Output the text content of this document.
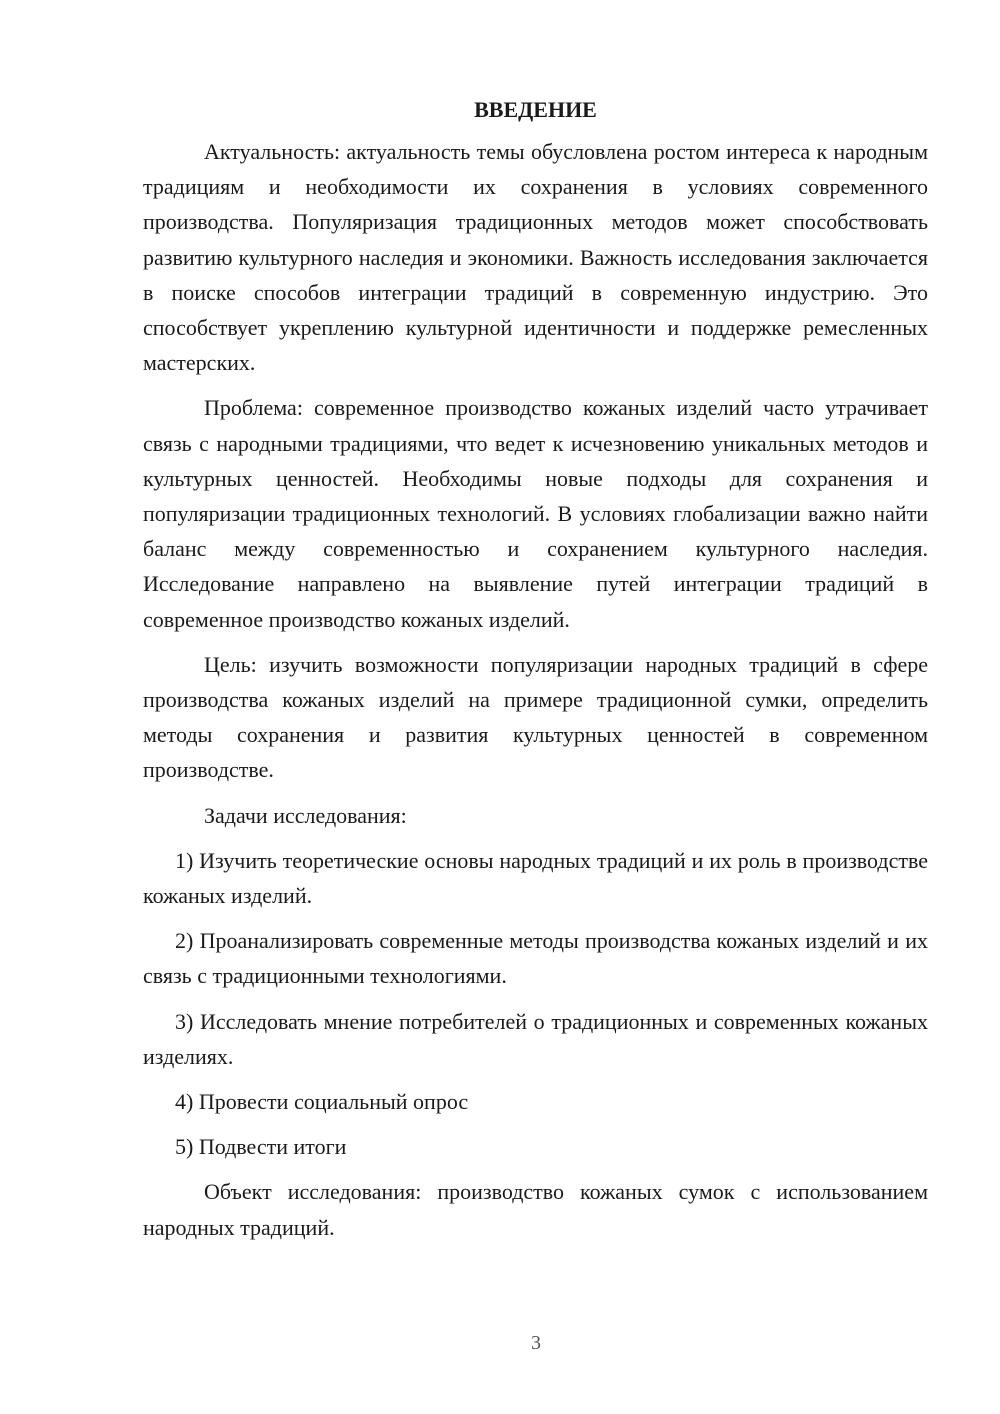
ВВЕДЕНИЕ

Актуальность: актуальность темы обусловлена ростом интереса к народным традициям и необходимости их сохранения в условиях современного производства. Популяризация традиционных методов может способствовать развитию культурного наследия и экономики. Важность исследования заключается в поиске способов интеграции традиций в современную индустрию. Это способствует укреплению культурной идентичности и поддержке ремесленных мастерских.

Проблема: современное производство кожаных изделий часто утрачивает связь с народными традициями, что ведет к исчезновению уникальных методов и культурных ценностей. Необходимы новые подходы для сохранения и популяризации традиционных технологий. В условиях глобализации важно найти баланс между современностью и сохранением культурного наследия. Исследование направлено на выявление путей интеграции традиций в современное производство кожаных изделий.

Цель: изучить возможности популяризации народных традиций в сфере производства кожаных изделий на примере традиционной сумки, определить методы сохранения и развития культурных ценностей в современном производстве.

Задачи исследования:

1) Изучить теоретические основы народных традиций и их роль в производстве кожаных изделий.

2) Проанализировать современные методы производства кожаных изделий и их связь с традиционными технологиями.

3) Исследовать мнение потребителей о традиционных и современных кожаных изделиях.

4) Провести социальный опрос

5) Подвести итоги

Объект исследования: производство кожаных сумок с использованием народных традиций.

3
